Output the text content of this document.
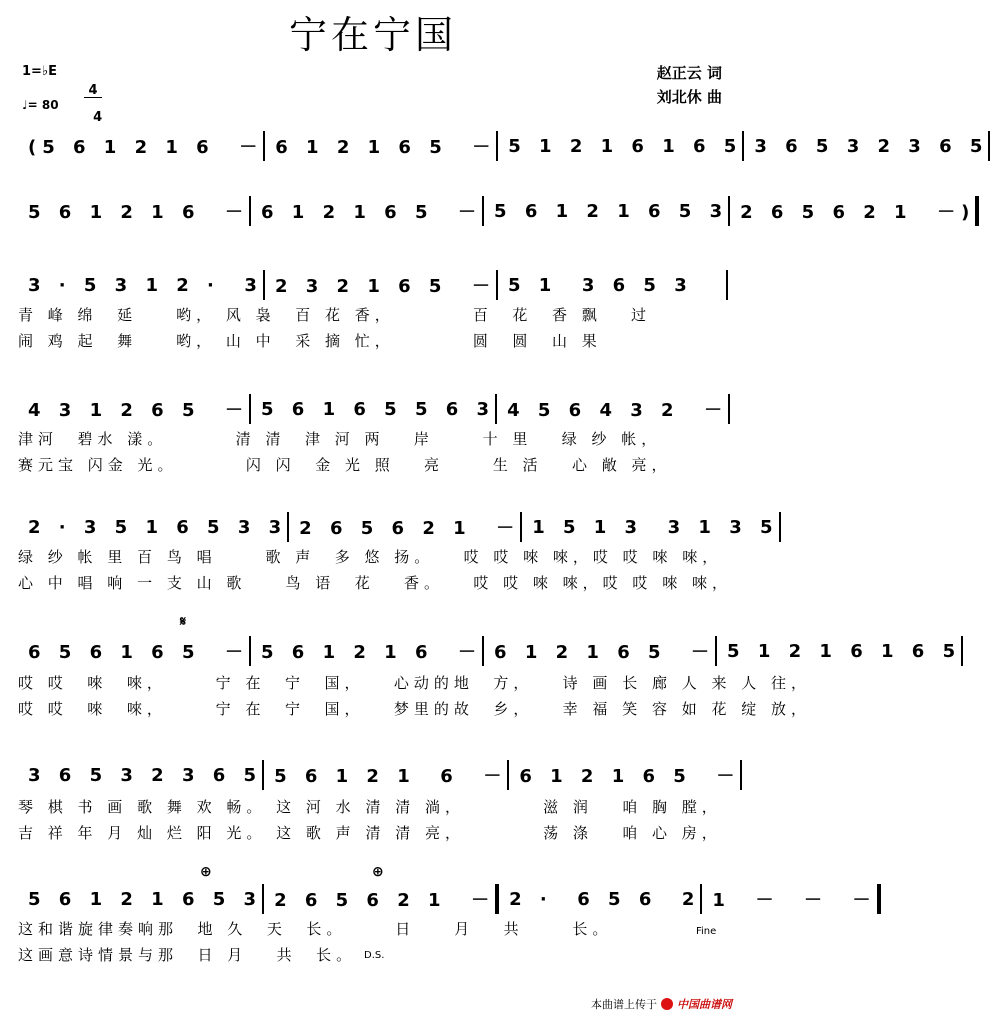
宁在宁国
1=♭E

4

4

♩= 80
赵正云 词
刘北休 曲
(5 6 1 2 1 6  － 6 1 2 1 6 5  － 5 1 2 1 6 1 6 5 3 6 5 3 2 3 6 5
5 6 1 2 1 6  － 6 1 2 1 6 5  － 5 6 1 2 1 6 5 3 2 6 5 6 2 1  －)
3 · 5 3 1 2 ·  3 2 3 2 1 6 5  － 5 1  3 6 5 3
青 峰 绵  延    哟， 风 袅  百 花 香，        百  花  香 飘   过
闹 鸡 起  舞    哟， 山 中  采 摘 忙，        圆  圆  山 果
4 3 1 2 6 5  － 5 6 1 6 5 5 6 3 4 5 6 4 3 2  －
津河  碧水 漾。       清 清  津 河 两   岸     十 里   绿 纱 帐，
赛元宝 闪金 光。       闪 闪  金 光 照   亮     生 活   心 敞 亮，
2 · 3 5 1 6 5 3 3 2 6 5 6 2 1  － 1 5 1 3  3 1 3 5
绿 纱 帐 里 百 鸟 唱     歌 声  多 悠 扬。   哎 哎 唻 唻，哎 哎 唻 唻，
心 中 唱 响 一 支 山 歌    鸟 语  花   香。   哎 哎 唻 唻，哎 哎 唻 唻，
𝄋
6 5 6 1 6 5  － 5 6 1 2 1 6  － 6 1 2 1 6 5  － 5 1 2 1 6 1 6 5
哎 哎  唻  唻，     宁 在  宁  国，   心动的地  方，   诗 画 长 廊 人 来 人 往，
哎 哎  唻  唻，     宁 在  宁  国，   梦里的故  乡，   幸 福 笑 容 如 花 绽 放，
3 6 5 3 2 3 6 5 5 6 1 2 1  6  － 6 1 2 1 6 5  －
琴 棋 书 画 歌 舞 欢 畅。 这 河 水 清 清 淌，        滋 润   咱 胸 膛，
吉 祥 年 月 灿 烂 阳 光。 这 歌 声 清 清 亮，        荡 涤   咱 心 房，
⊕	⊕
5 6 1 2 1 6 5 3 2 6 5 6 2 1  － 2 ·  6 5 6  2 1  －  －  －
这和谐旋律奏响那  地 久  天  长。     日    月   共     长。	Fine
这画意诗情景与那  日 月   共  长。 D.S.
本曲谱上传于 中国曲谱网
